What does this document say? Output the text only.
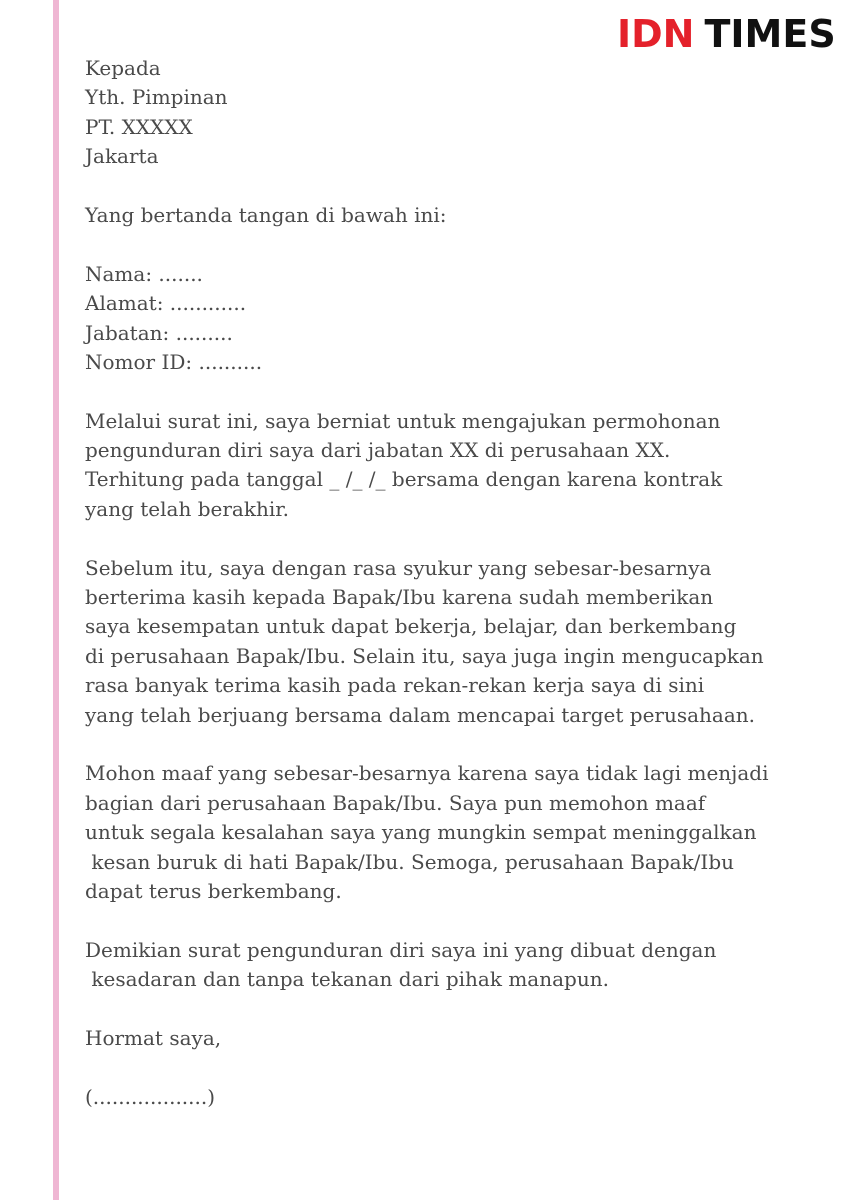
IDN TIMES
Kepada
Yth. Pimpinan
PT. XXXXX
Jakarta
Yang bertanda tangan di bawah ini:
Nama: .......
Alamat: ............
Jabatan: .........
Nomor ID: ..........
Melalui surat ini, saya berniat untuk mengajukan permohonan
pengunduran diri saya dari jabatan XX di perusahaan XX.
Terhitung pada tanggal _ /_ /_ bersama dengan karena kontrak
yang telah berakhir.
Sebelum itu, saya dengan rasa syukur yang sebesar-besarnya
berterima kasih kepada Bapak/Ibu karena sudah memberikan
saya kesempatan untuk dapat bekerja, belajar, dan berkembang
di perusahaan Bapak/Ibu. Selain itu, saya juga ingin mengucapkan
rasa banyak terima kasih pada rekan-rekan kerja saya di sini
yang telah berjuang bersama dalam mencapai target perusahaan.
Mohon maaf yang sebesar-besarnya karena saya tidak lagi menjadi
bagian dari perusahaan Bapak/Ibu. Saya pun memohon maaf
untuk segala kesalahan saya yang mungkin sempat meninggalkan
kesan buruk di hati Bapak/Ibu. Semoga, perusahaan Bapak/Ibu
dapat terus berkembang.
Demikian surat pengunduran diri saya ini yang dibuat dengan
kesadaran dan tanpa tekanan dari pihak manapun.
Hormat saya,
(..................)
